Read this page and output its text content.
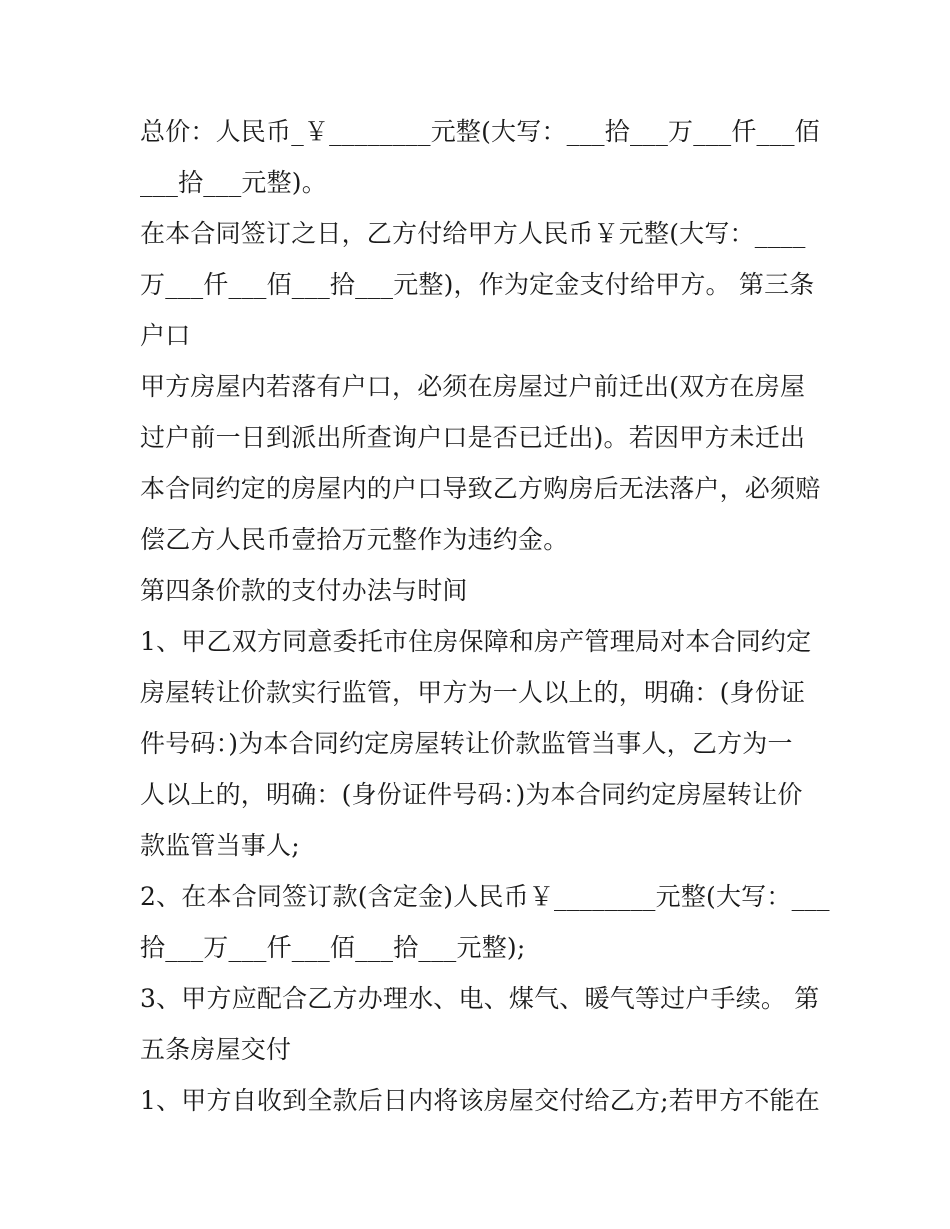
总价：人民币_￥________元整(大写：___拾___万___仟___佰
___拾___元整)。
在本合同签订之日，乙方付给甲方人民币￥元整(大写：____
万___仟___佰___拾___元整)，作为定金支付给甲方。 第三条
户口
甲方房屋内若落有户口，必须在房屋过户前迁出(双方在房屋
过户前一日到派出所查询户口是否已迁出)。若因甲方未迁出
本合同约定的房屋内的户口导致乙方购房后无法落户，必须赔
偿乙方人民币壹拾万元整作为违约金。
第四条价款的支付办法与时间
1、甲乙双方同意委托市住房保障和房产管理局对本合同约定
房屋转让价款实行监管，甲方为一人以上的，明确：(身份证
件号码：)为本合同约定房屋转让价款监管当事人，乙方为一
人以上的，明确：(身份证件号码：)为本合同约定房屋转让价
款监管当事人;
2、在本合同签订款(含定金)人民币￥________元整(大写：___
拾___万___仟___佰___拾___元整);
3、甲方应配合乙方办理水、电、煤气、暖气等过户手续。 第
五条房屋交付
1、甲方自收到全款后日内将该房屋交付给乙方;若甲方不能在
